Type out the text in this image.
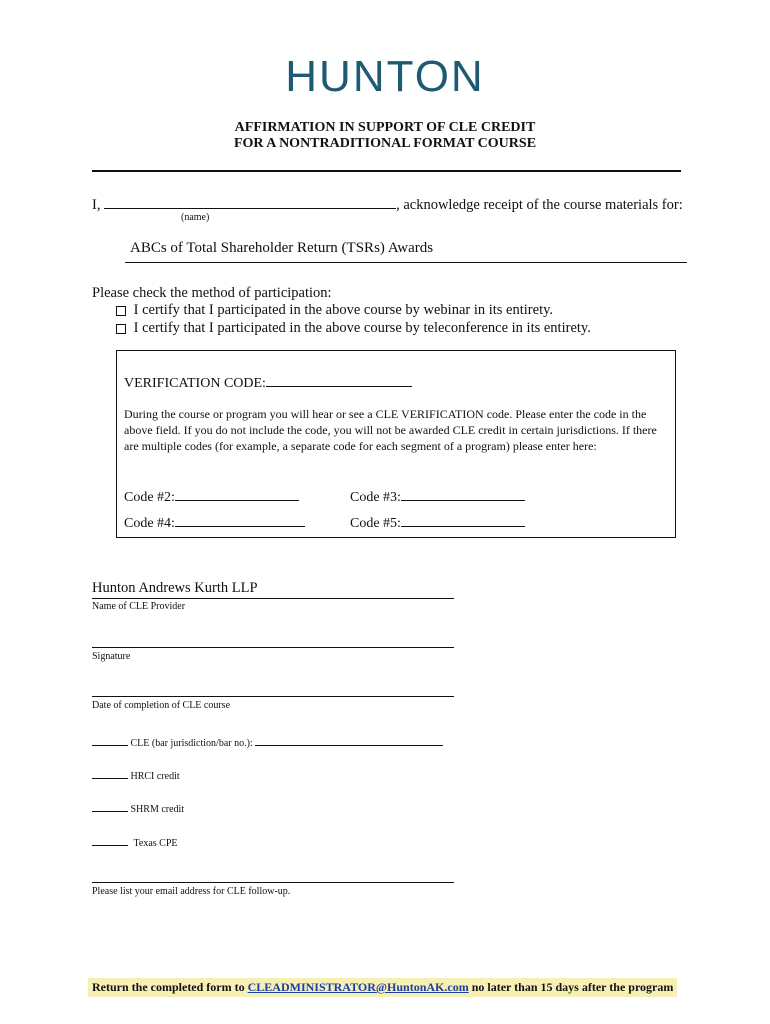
HUNTON
AFFIRMATION IN SUPPORT OF CLE CREDIT
FOR A NONTRADITIONAL FORMAT COURSE
I,	, acknowledge receipt of the course materials for:
(name)
ABCs of Total Shareholder Return (TSRs) Awards
Please check the method of participation:
I certify that I participated in the above course by webinar in its entirety.
I certify that I participated in the above course by teleconference in its entirety.
VERIFICATION CODE:
During the course or program you will hear or see a CLE VERIFICATION code. Please enter the code in the above field. If you do not include the code, you will not be awarded CLE credit in certain jurisdictions. If there are multiple codes (for example, a separate code for each segment of a program) please enter here:
Code #2:	Code #3:
Code #4:	Code #5:
Hunton Andrews Kurth LLP
Name of CLE Provider
Signature
Date of completion of CLE course
CLE (bar jurisdiction/bar no.):
HRCI credit
SHRM credit
Texas CPE
Please list your email address for CLE follow-up.
Return the completed form to CLEADMINISTRATOR@HuntonAK.com no later than 15 days after the program
